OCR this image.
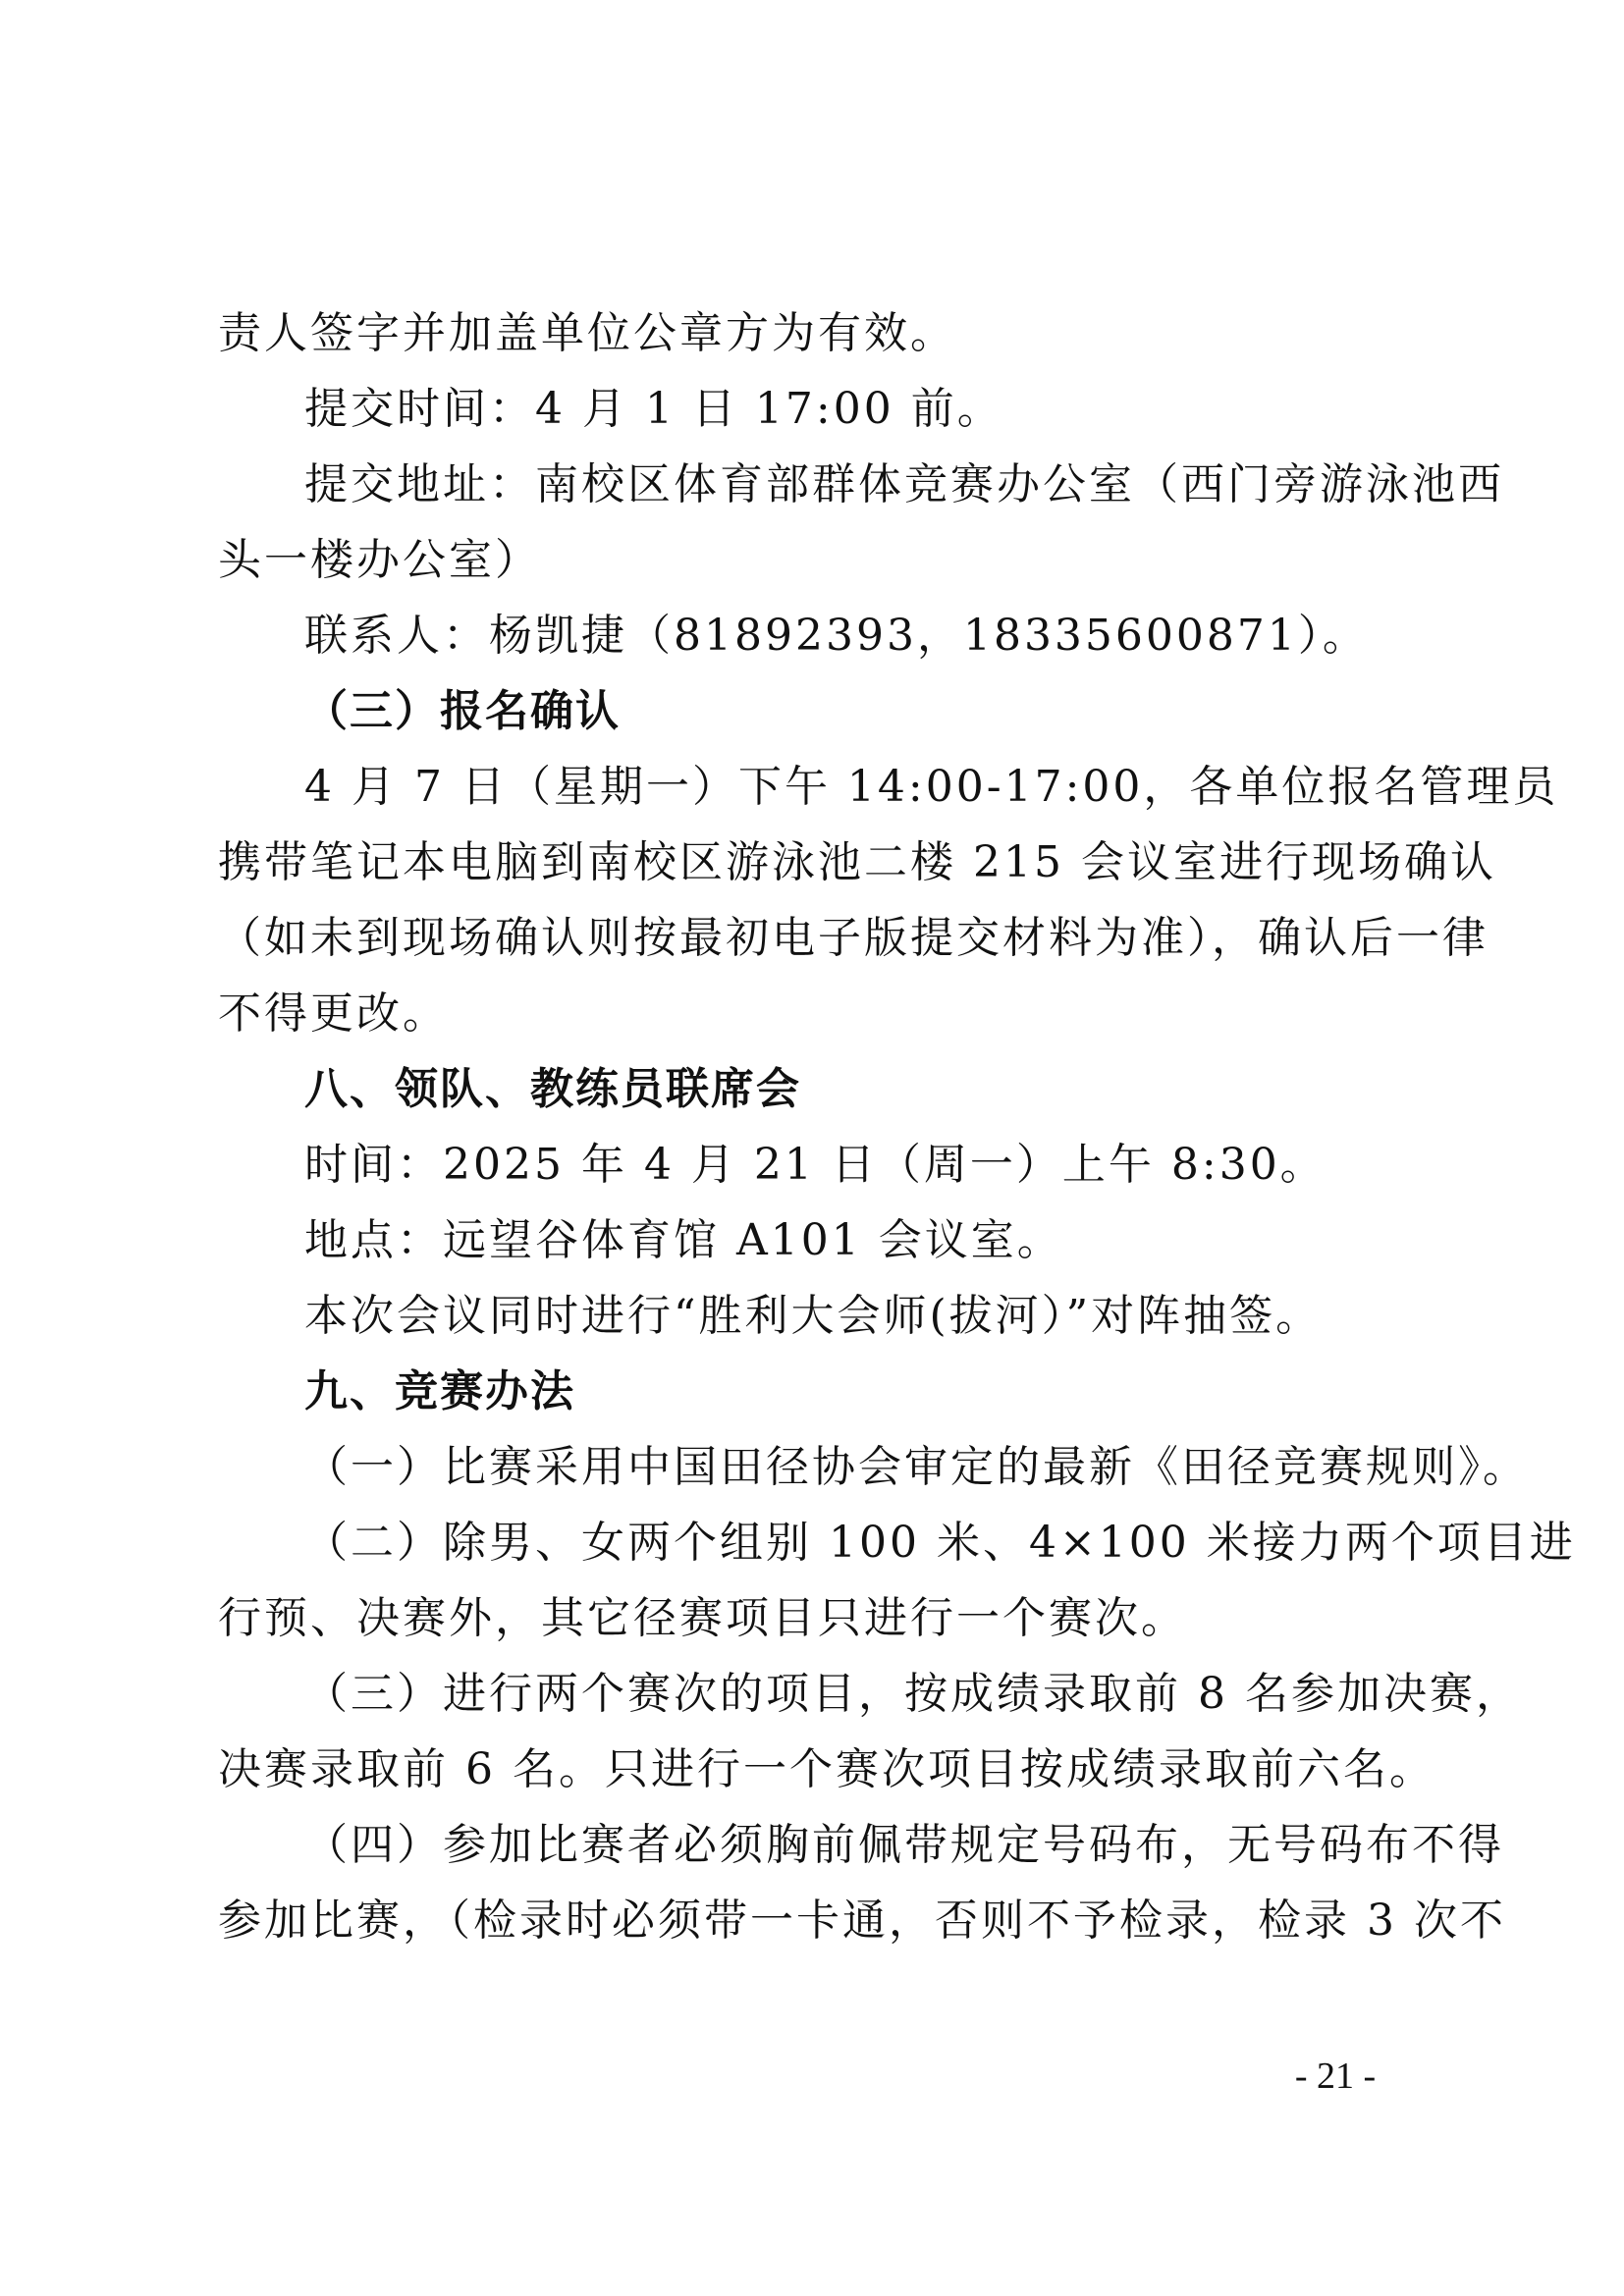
责人签字并加盖单位公章方为有效。
提交时间：4 月 1 日 17:00 前。
提交地址：南校区体育部群体竞赛办公室（西门旁游泳池西
头一楼办公室）
联系人：杨凯捷（81892393，18335600871）。
（三）报名确认
4 月 7 日（星期一）下午 14:00-17:00，各单位报名管理员
携带笔记本电脑到南校区游泳池二楼 215 会议室进行现场确认
（如未到现场确认则按最初电子版提交材料为准），确认后一律
不得更改。
八、领队、教练员联席会
时间：2025 年 4 月 21 日（周一）上午 8:30。
地点：远望谷体育馆 A101 会议室。
本次会议同时进行“胜利大会师(拔河）”对阵抽签。
九、竞赛办法
（一）比赛采用中国田径协会审定的最新《田径竞赛规则》。
（二）除男、女两个组别 100 米、4×100 米接力两个项目进
行预、决赛外，其它径赛项目只进行一个赛次。
（三）进行两个赛次的项目，按成绩录取前 8 名参加决赛，
决赛录取前 6 名。只进行一个赛次项目按成绩录取前六名。
（四）参加比赛者必须胸前佩带规定号码布，无号码布不得
参加比赛，（检录时必须带一卡通，否则不予检录，检录 3 次不
- 21 -
